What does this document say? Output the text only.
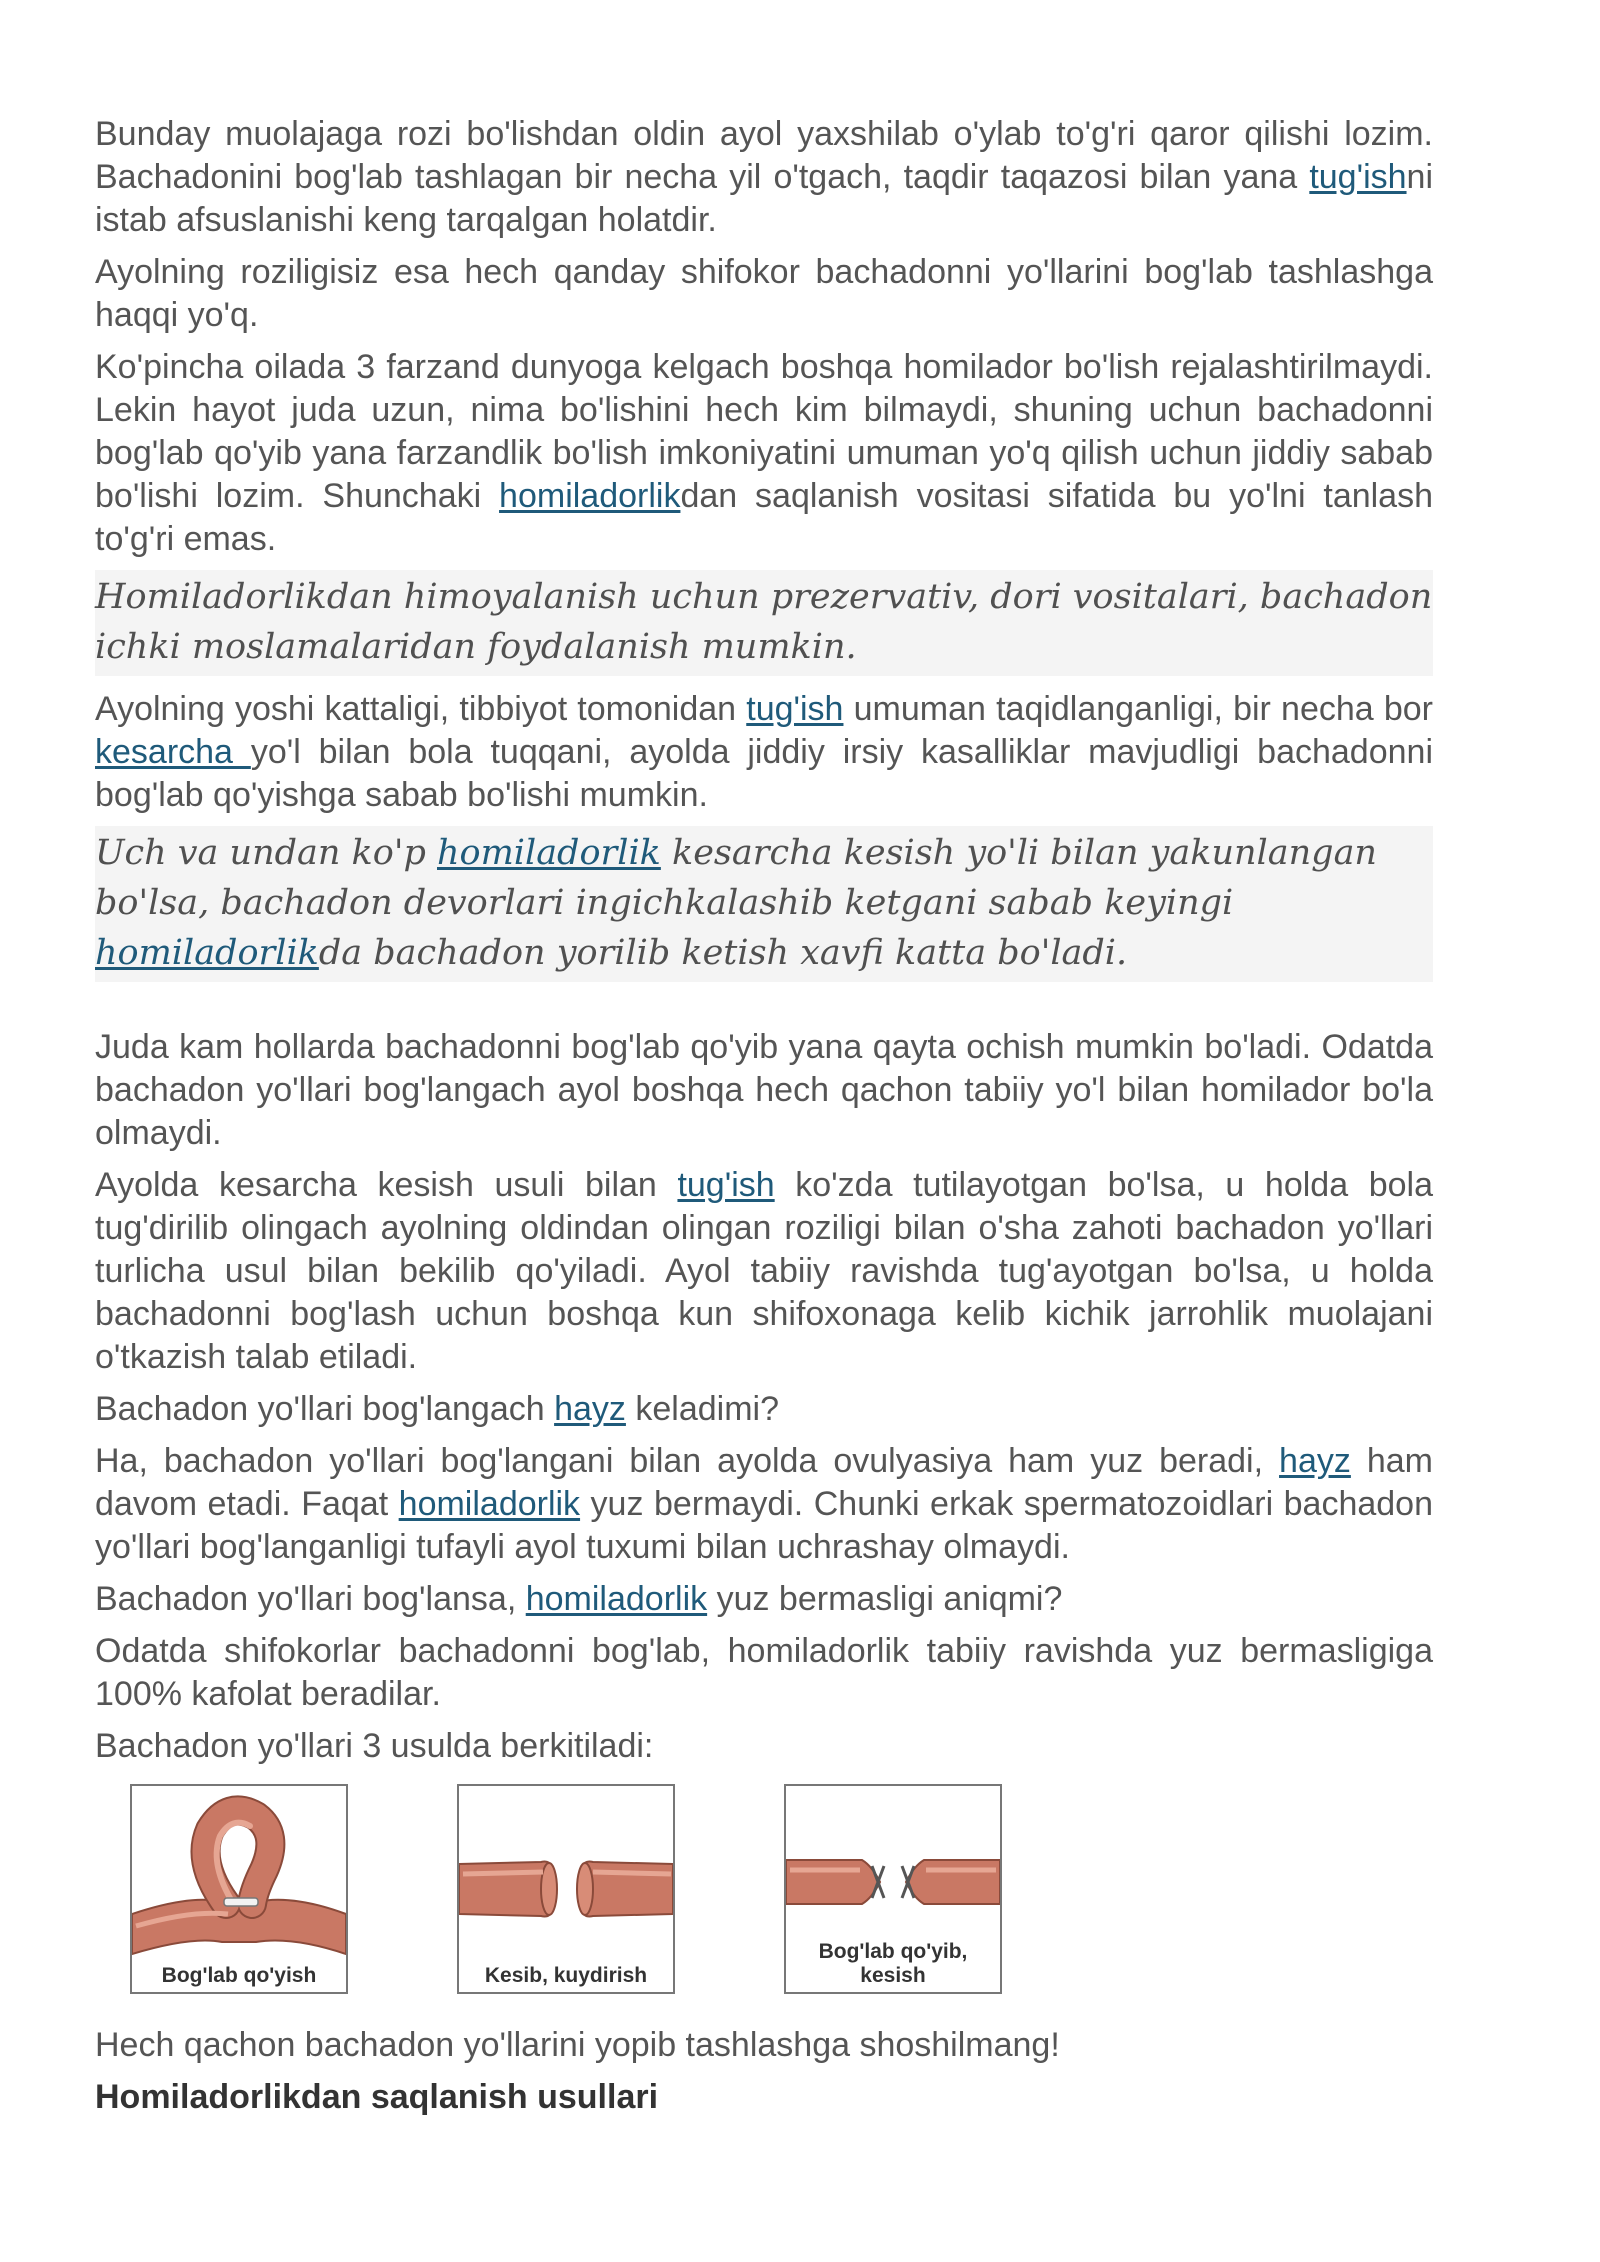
Bunday muolajaga rozi bo'lishdan oldin ayol yaxshilab o'ylab to'g'ri qaror qilishi lozim. Bachadonini bog'lab tashlagan bir necha yil o'tgach, taqdir taqazosi bilan yana tug'ishni istab afsuslanishi keng tarqalgan holatdir.

Ayolning roziligisiz esa hech qanday shifokor bachadonni yo'llarini bog'lab tashlashga haqqi yo'q.

Ko'pincha oilada 3 farzand dunyoga kelgach boshqa homilador bo'lish rejalashtirilmaydi. Lekin hayot juda uzun, nima bo'lishini hech kim bilmaydi, shuning uchun bachadonni bog'lab qo'yib yana farzandlik bo'lish imkoniyatini umuman yo'q qilish uchun jiddiy sabab bo'lishi lozim. Shunchaki homiladorlikdan saqlanish vositasi sifatida bu yo'lni tanlash to'g'ri emas.

Homiladorlikdan himoyalanish uchun prezervativ, dori vositalari, bachadon ichki moslamalaridan foydalanish mumkin.

Ayolning yoshi kattaligi, tibbiyot tomonidan tug'ish umuman taqidlanganligi, bir necha bor kesarcha yo'l bilan bola tuqqani, ayolda jiddiy irsiy kasalliklar mavjudligi bachadonni bog'lab qo'yishga sabab bo'lishi mumkin.

Uch va undan ko'p homiladorlik kesarcha kesish yo'li bilan yakunlangan bo'lsa, bachadon devorlari ingichkalashib ketgani sabab keyingi homiladorlikda bachadon yorilib ketish xavfi katta bo'ladi.

Juda kam hollarda bachadonni bog'lab qo'yib yana qayta ochish mumkin bo'ladi. Odatda bachadon yo'llari bog'langach ayol boshqa hech qachon tabiiy yo'l bilan homilador bo'la olmaydi.

Ayolda kesarcha kesish usuli bilan tug'ish ko'zda tutilayotgan bo'lsa, u holda bola tug'dirilib olingach ayolning oldindan olingan roziligi bilan o'sha zahoti bachadon yo'llari turlicha usul bilan bekilib qo'yiladi. Ayol tabiiy ravishda tug'ayotgan bo'lsa, u holda bachadonni bog'lash uchun boshqa kun shifoxonaga kelib kichik jarrohlik muolajani o'tkazish talab etiladi.

Bachadon yo'llari bog'langach hayz keladimi?

Ha, bachadon yo'llari bog'langani bilan ayolda ovulyasiya ham yuz beradi, hayz ham davom etadi. Faqat homiladorlik yuz bermaydi. Chunki erkak spermatozoidlari bachadon yo'llari bog'langanligi tufayli ayol tuxumi bilan uchrashay olmaydi.

Bachadon yo'llari bog'lansa, homiladorlik yuz bermasligi aniqmi?

Odatda shifokorlar bachadonni bog'lab, homiladorlik tabiiy ravishda yuz bermasligiga 100% kafolat beradilar.

Bachadon yo'llari 3 usulda berkitiladi:

Bog'lab qo'yish	Kesib, kuydirish
Bog'lab qo'yib,
kesish

Hech qachon bachadon yo'llarini yopib tashlashga shoshilmang!

Homiladorlikdan saqlanish usullari
